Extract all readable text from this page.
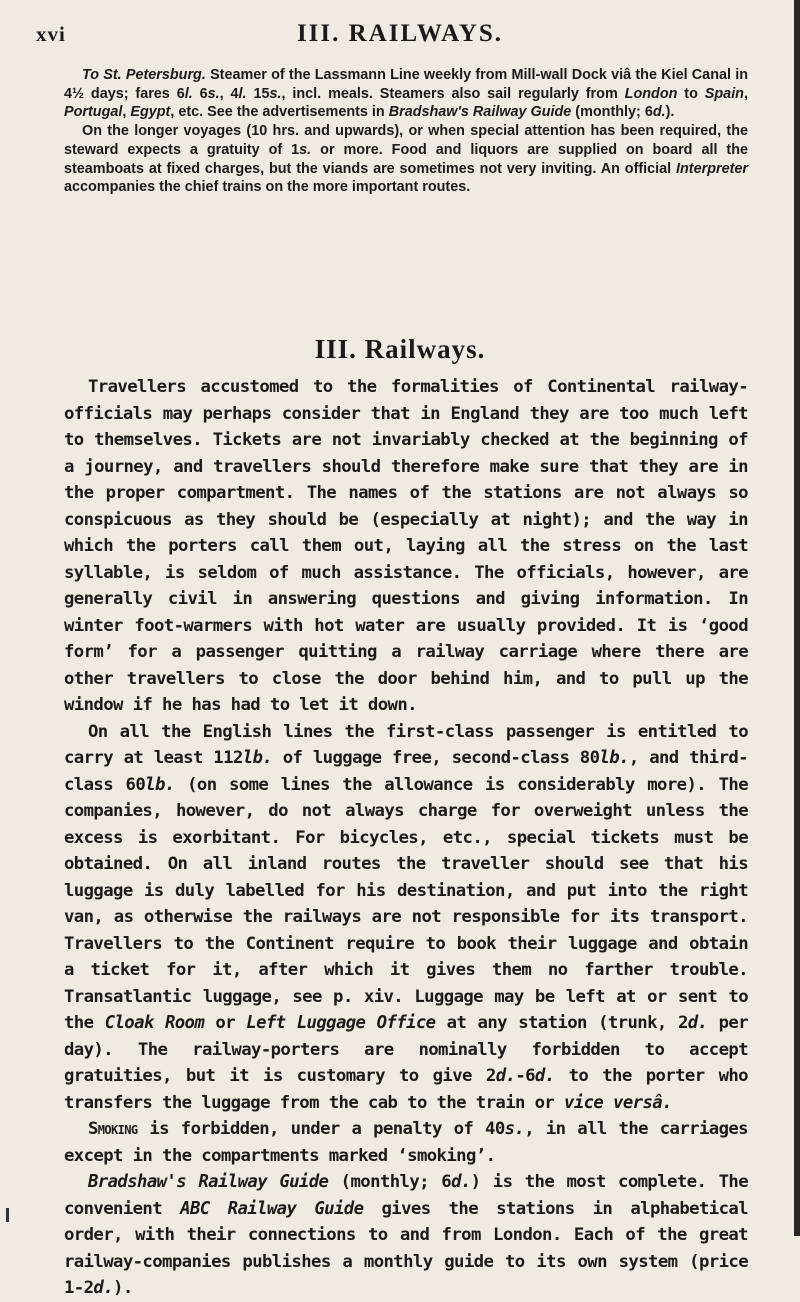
xvi	III. RAILWAYS.

To St. Petersburg. Steamer of the Lassmann Line weekly from Mill-wall Dock viâ the Kiel Canal in 4½ days; fares 6l. 6s., 4l. 15s., incl. meals. Steamers also sail regularly from London to Spain, Portugal, Egypt, etc. See the advertisements in Bradshaw's Railway Guide (monthly; 6d.).

On the longer voyages (10 hrs. and upwards), or when special attention has been required, the steward expects a gratuity of 1s. or more. Food and liquors are supplied on board all the steamboats at fixed charges, but the viands are sometimes not very inviting. An official Interpreter accompanies the chief trains on the more important routes.

III. Railways.

Travellers accustomed to the formalities of Continental railway-officials may perhaps consider that in England they are too much left to themselves. Tickets are not invariably checked at the beginning of a journey, and travellers should therefore make sure that they are in the proper compartment. The names of the stations are not always so conspicuous as they should be (especially at night); and the way in which the porters call them out, laying all the stress on the last syllable, is seldom of much assistance. The officials, however, are generally civil in answering questions and giving information. In winter foot-warmers with hot water are usually provided. It is ‘good form’ for a passenger quitting a railway carriage where there are other travellers to close the door behind him, and to pull up the window if he has had to let it down.

On all the English lines the first-class passenger is entitled to carry at least 112lb. of luggage free, second-class 80lb., and third-class 60lb. (on some lines the allowance is considerably more). The companies, however, do not always charge for overweight unless the excess is exorbitant. For bicycles, etc., special tickets must be obtained. On all inland routes the traveller should see that his luggage is duly labelled for his destination, and put into the right van, as otherwise the railways are not responsible for its transport. Travellers to the Continent require to book their luggage and obtain a ticket for it, after which it gives them no farther trouble. Transatlantic luggage, see p. xiv. Luggage may be left at or sent to the Cloak Room or Left Luggage Office at any station (trunk, 2d. per day). The railway-porters are nominally forbidden to accept gratuities, but it is customary to give 2d.-6d. to the porter who transfers the luggage from the cab to the train or vice versâ.

Smoking is forbidden, under a penalty of 40s., in all the carriages except in the compartments marked ‘smoking’.

Bradshaw's Railway Guide (monthly; 6d.) is the most complete. The convenient ABC Railway Guide gives the stations in alphabetical order, with their connections to and from London. Each of the great railway-companies publishes a monthly guide to its own system (price 1-2d.).
